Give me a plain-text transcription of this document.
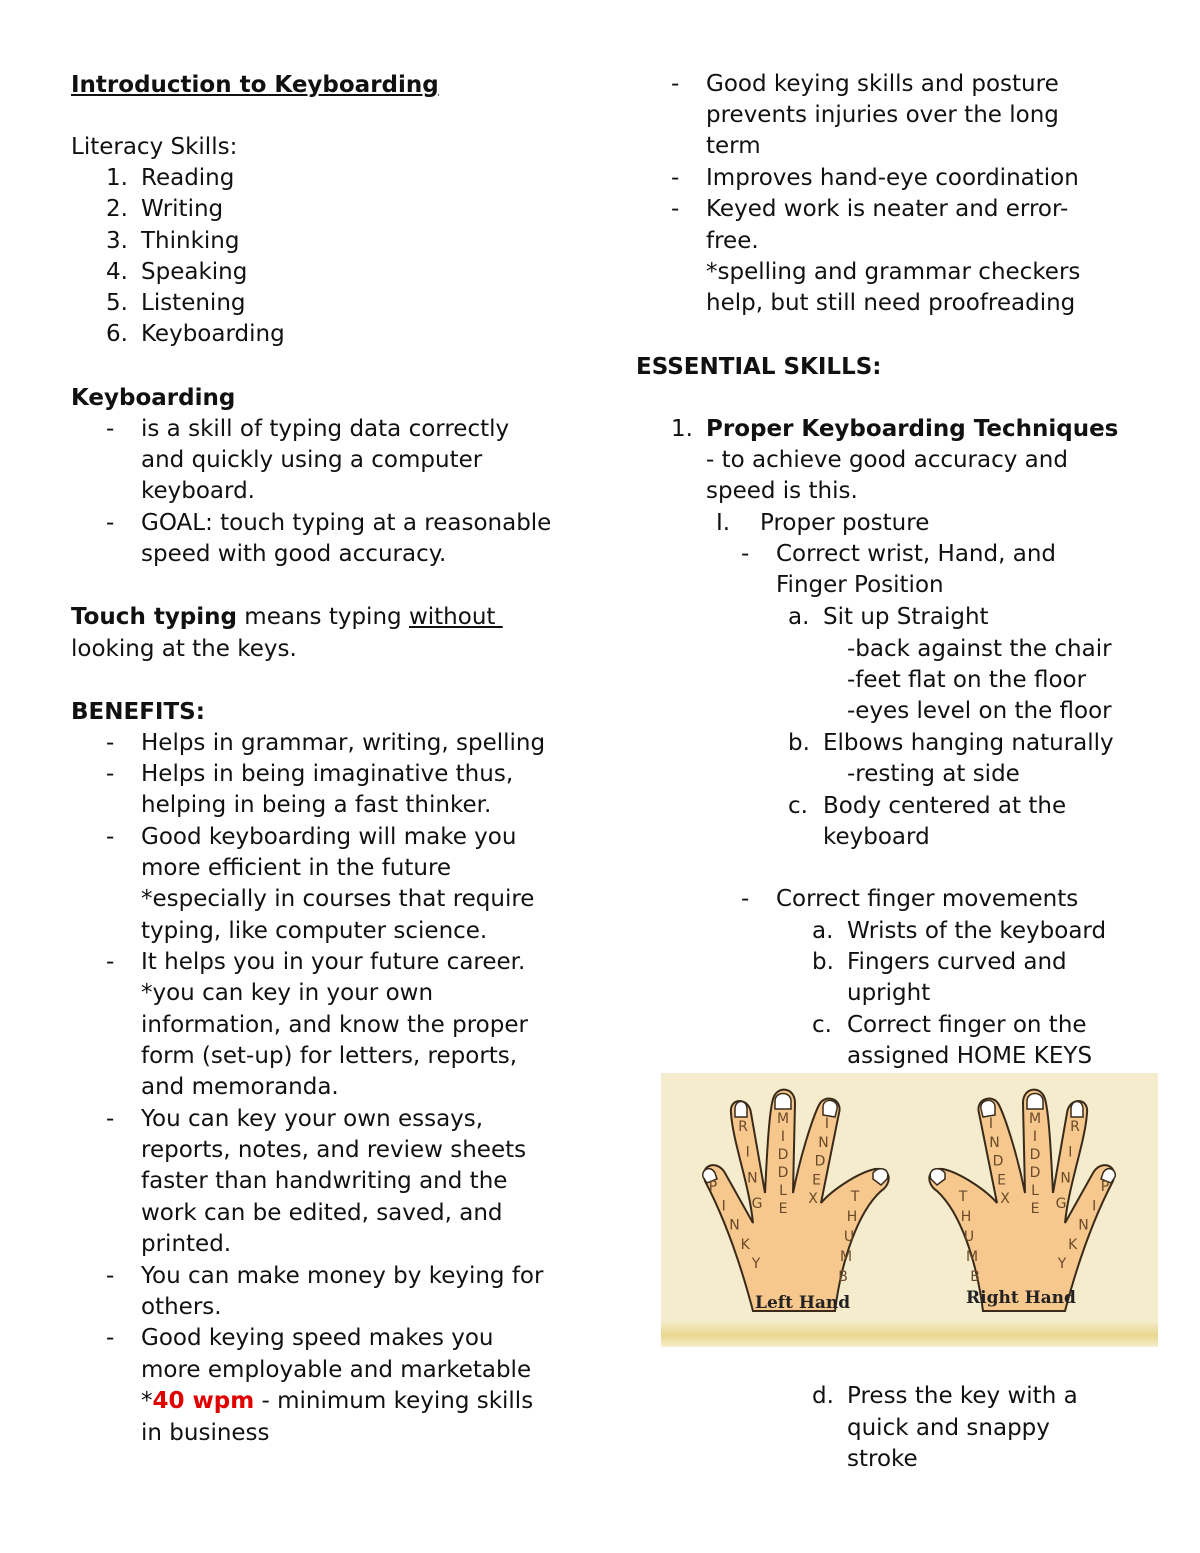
Introduction to Keyboarding
Literacy Skills:
1. Reading
2. Writing
3. Thinking
4. Speaking
5. Listening
6. Keyboarding
Keyboarding
- is a skill of typing data correctly
and quickly using a computer
keyboard.
- GOAL: touch typing at a reasonable
speed with good accuracy.
Touch typing means typing without
looking at the keys.
BENEFITS:
- Helps in grammar, writing, spelling
- Helps in being imaginative thus,
helping in being a fast thinker.
- Good keyboarding will make you
more efficient in the future
*especially in courses that require
typing, like computer science.
- It helps you in your future career.
*you can key in your own
information, and know the proper
form (set-up) for letters, reports,
and memoranda.
- You can key your own essays,
reports, notes, and review sheets
faster than handwriting and the
work can be edited, saved, and
printed.
- You can make money by keying for
others.
- Good keying speed makes you
more employable and marketable
*40 wpm - minimum keying skills
in business
- Good keying skills and posture
prevents injuries over the long
term
- Improves hand-eye coordination
- Keyed work is neater and error-
free.
*spelling and grammar checkers
help, but still need proofreading
ESSENTIAL SKILLS:
1. Proper Keyboarding Techniques
- to achieve good accuracy and
speed is this.
I. Proper posture
- Correct wrist, Hand, and
Finger Position
a. Sit up Straight
-back against the chair
-feet flat on the floor
-eyes level on the floor
b. Elbows hanging naturally
-resting at side
c. Body centered at the
keyboard
- Correct finger movements
a. Wrists of the keyboard
b. Fingers curved and
upright
c. Correct finger on the
assigned HOME KEYS
Left Hand	Right Hand
P
I
N
K
Y
R
I
N
G
M
I
D
D
L
E
I
N
D
E
X T
H
U
M
B
P
I
N
K
Y
R
I
N
G
M
I
D
D
L
E
I
N
D
E
X
T
H
U
M
B
d. Press the key with a
quick and snappy
stroke
